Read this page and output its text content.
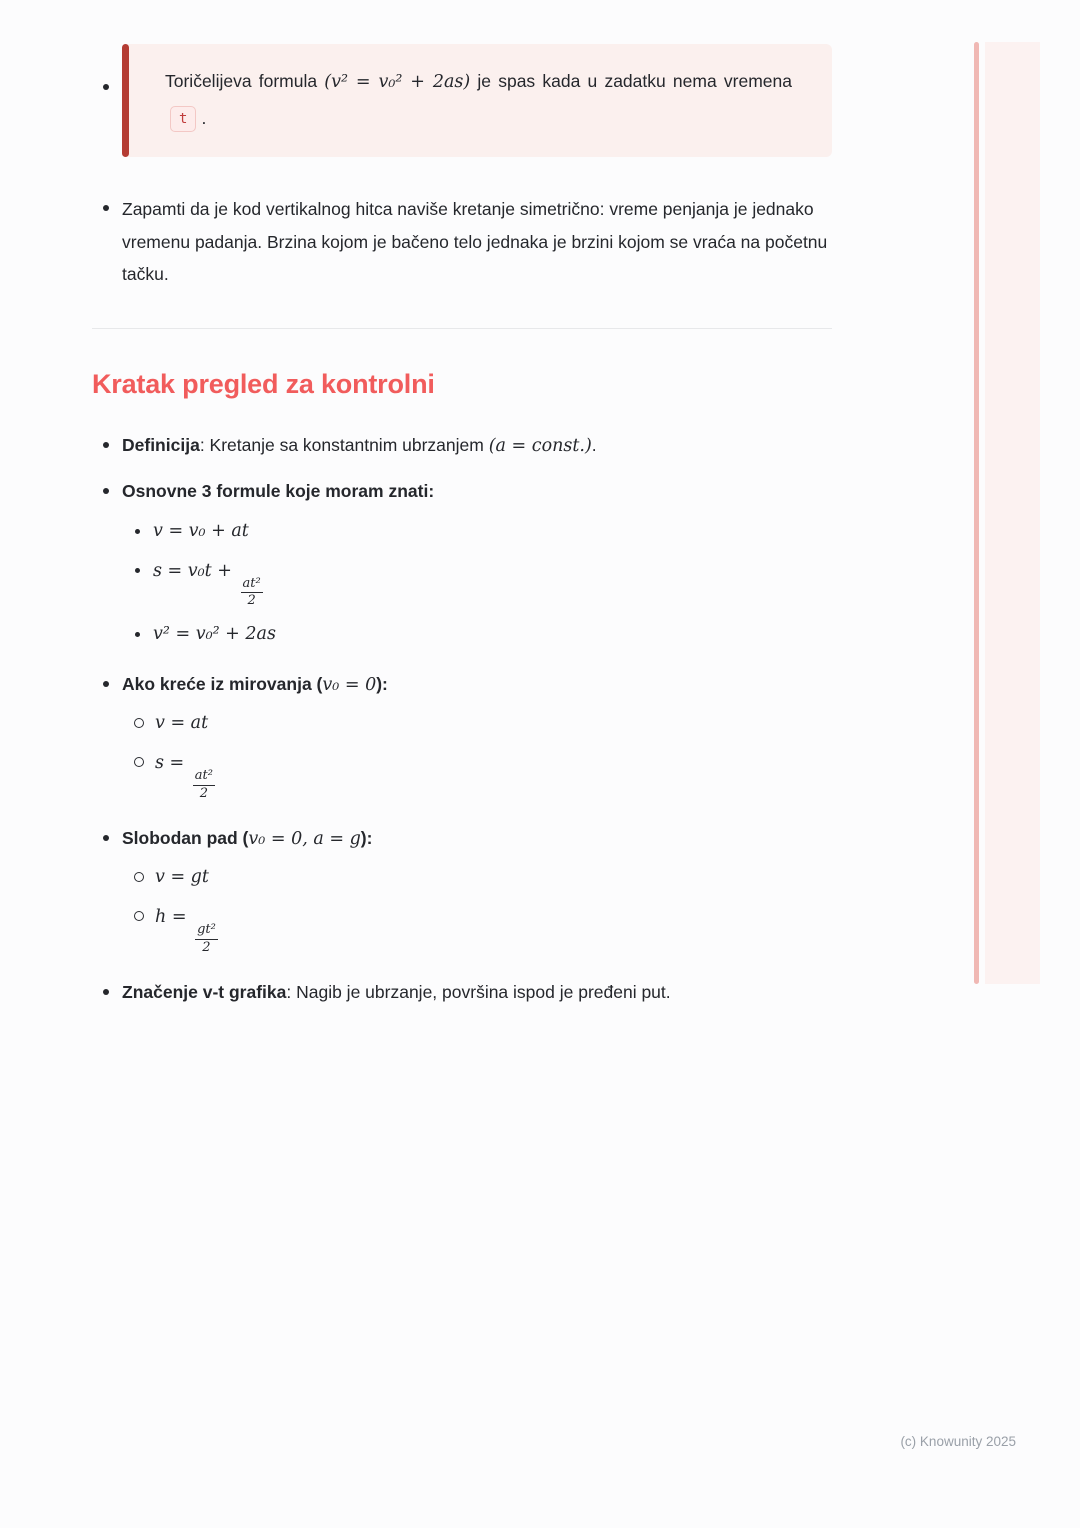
Toričelijeva formula (v² = v₀² + 2as) je spas kada u zadatku nema vremenat .
Zapamti da je kod vertikalnog hitca naviše kretanje simetrično: vreme penjanja je jednako vremenu padanja. Brzina kojom je bačeno telo jednaka je brzini kojom se vraća na početnu tačku.
Kratak pregled za kontrolni
Definicija: Kretanje sa konstantnim ubrzanjem (a = const.).
Osnovne 3 formule koje moram znati:
v = v₀ + at
s = v₀t +
$\frac{\text{at²}}{2}$
v² = v₀² + 2as
Ako kreće iz mirovanja (v₀ = 0):
v = at
s =
$\frac{\text{at²}}{2}$
Slobodan pad (v₀ = 0, a = g):
v = gt
h =
$\frac{\text{gt²}}{2}$
Značenje v-t grafika: Nagib je ubrzanje, površina ispod je pređeni put.
(c) Knowunity 2025
